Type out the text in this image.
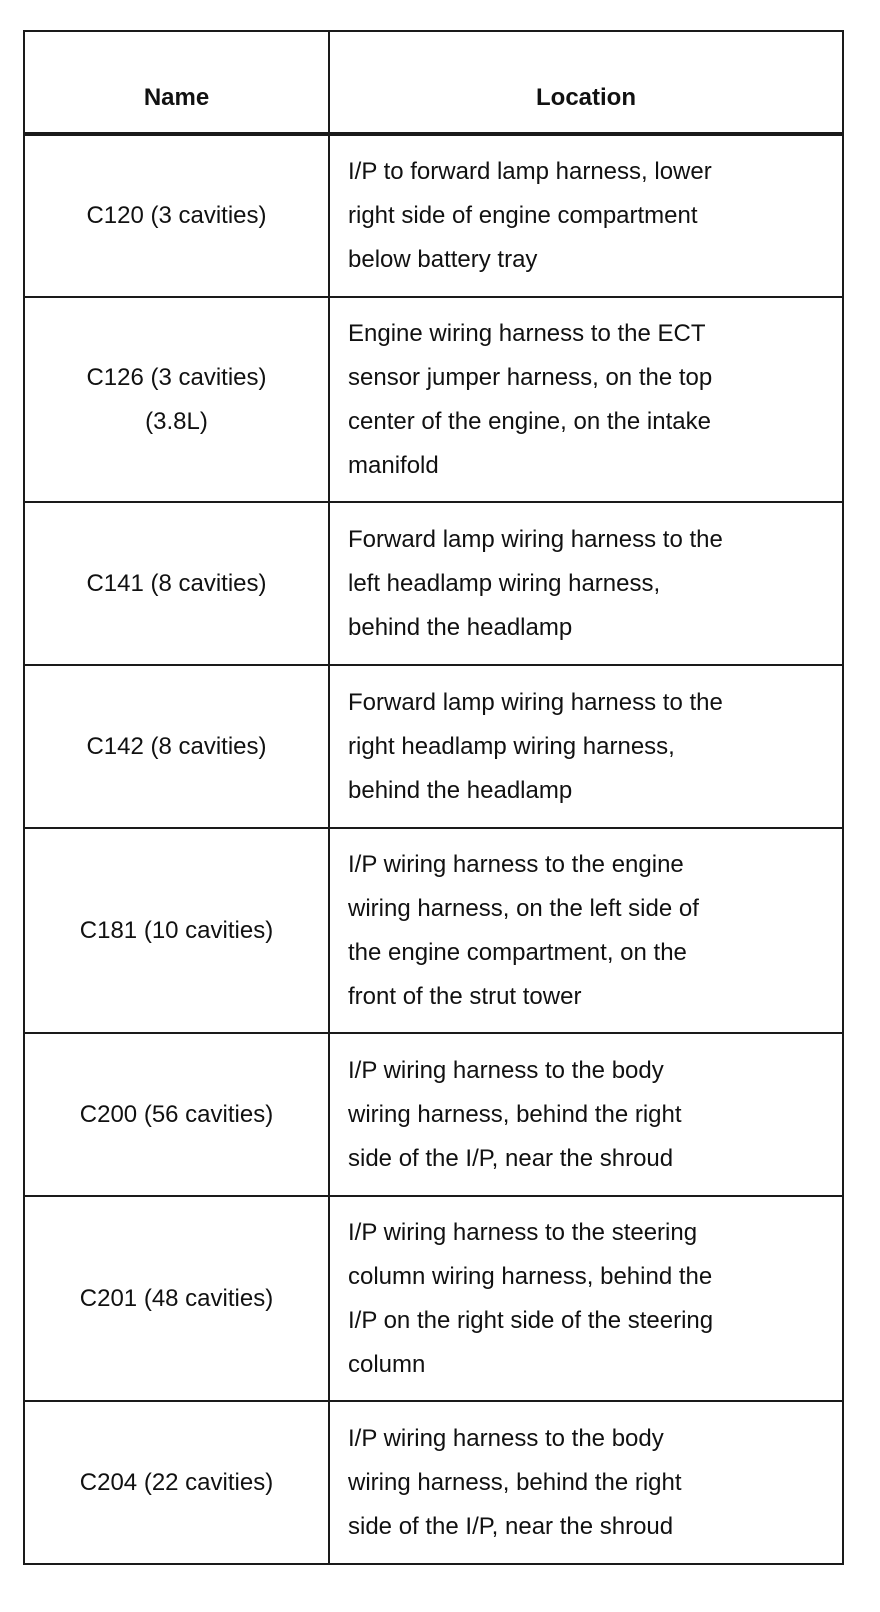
Name	Location

C120 (3 cavities)	I/P to forward lamp harness, lower
right side of engine compartment
below battery tray

C126 (3 cavities)
(3.8L)	Engine wiring harness to the ECT
sensor jumper harness, on the top
center of the engine, on the intake
manifold

C141 (8 cavities)	Forward lamp wiring harness to the
left headlamp wiring harness,
behind the headlamp

C142 (8 cavities)	Forward lamp wiring harness to the
right headlamp wiring harness,
behind the headlamp

C181 (10 cavities)	I/P wiring harness to the engine
wiring harness, on the left side of
the engine compartment, on the
front of the strut tower

C200 (56 cavities)	I/P wiring harness to the body
wiring harness, behind the right
side of the I/P, near the shroud

C201 (48 cavities)	I/P wiring harness to the steering
column wiring harness, behind the
I/P on the right side of the steering
column

C204 (22 cavities)	I/P wiring harness to the body
wiring harness, behind the right
side of the I/P, near the shroud
